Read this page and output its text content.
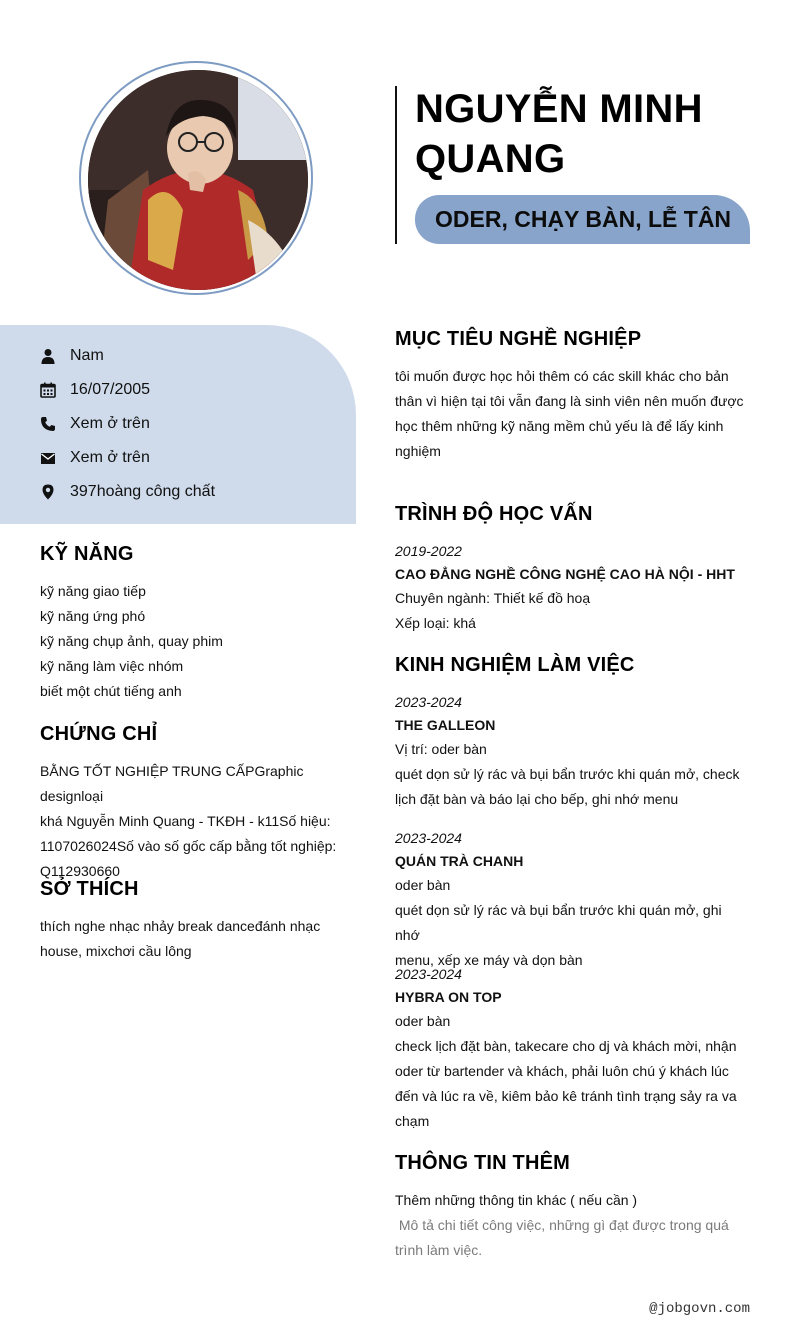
NGUYỄN MINH QUANG
ODER, CHẠY BÀN, LỄ TÂN
Nam
16/07/2005
Xem ở trên
Xem ở trên
397hoàng công chất
KỸ NĂNG
kỹ năng giao tiếp
kỹ năng ứng phó
kỹ năng chụp ảnh, quay phim
kỹ năng làm việc nhóm
biết một chút tiếng anh
CHỨNG CHỈ
BẰNG TỐT NGHIỆP TRUNG CẤPGraphic designloại
khá Nguyễn Minh Quang - TKĐH - k11Số hiệu:
1107026024Số vào số gốc cấp bằng tốt nghiệp:
Q112930660
SỞ THÍCH
thích nghe nhạc nhảy break danceđánh nhạc
house, mixchơi cầu lông
MỤC TIÊU NGHỀ NGHIỆP
tôi muốn được học hỏi thêm có các skill khác cho bản
thân vì hiện tại tôi vẫn đang là sinh viên nên muốn được
học thêm những kỹ năng mềm chủ yếu là để lấy kinh
nghiệm
TRÌNH ĐỘ HỌC VẤN
2019-2022
CAO ĐẲNG NGHỀ CÔNG NGHỆ CAO HÀ NỘI - HHT
Chuyên ngành: Thiết kế đồ hoạ
Xếp loại: khá
KINH NGHIỆM LÀM VIỆC
2023-2024
THE GALLEON
Vị trí: oder bàn
quét dọn sử lý rác và bụi bẩn trước khi quán mở, check
lịch đặt bàn và báo lại cho bếp, ghi nhớ menu
2023-2024
QUÁN TRÀ CHANH
oder bàn
quét dọn sử lý rác và bụi bẩn trước khi quán mở, ghi nhớ
menu, xếp xe máy và dọn bàn
2023-2024
HYBRA ON TOP
oder bàn
check lịch đặt bàn, takecare cho dj và khách mời, nhận
oder từ bartender và khách, phải luôn chú ý khách lúc
đến và lúc ra về, kiêm bảo kê tránh tình trạng sảy ra va
chạm
THÔNG TIN THÊM
Thêm những thông tin khác ( nếu cần )
Mô tả chi tiết công việc, những gì đạt được trong quá
trình làm việc.
@jobgovn.com
